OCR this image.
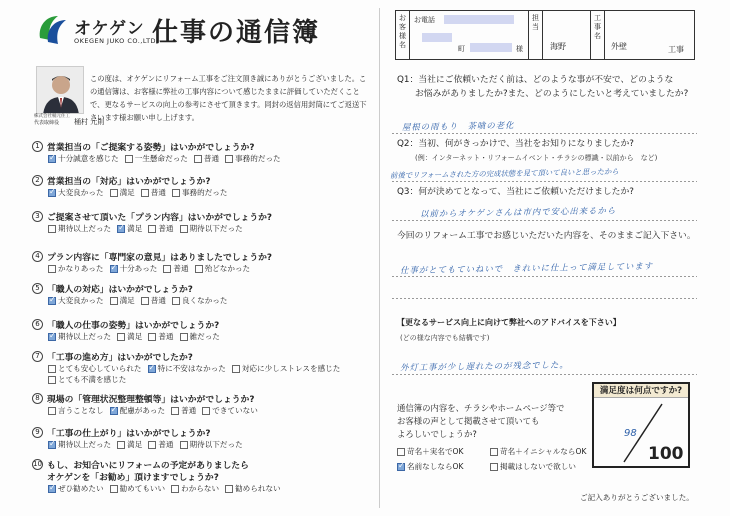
オケゲン
OKEGEN JUKO CO.,LTD.
仕事の通信簿
株式会社桶元住工
代表取締役 桶村 元則
この度は、オケゲンにリフォーム工事をご注文頂き誠にありがとうございました。この通信簿は、お客様に弊社の工事内容について感じたままに評価していただくことで、更なるサービスの向上の参考にさせて頂きます。同封の返信用封筒にてご返送下さいます様お願い申し上げます。
1 営業担当の「ご提案する姿勢」はいかがでしょうか?
✓
十分誠意を感じた 一生懸命だった 普通 事務的だった
2 営業担当の「対応」はいかがでしょうか?
✓
大変良かった 満足 普通 事務的だった
3 ご提案させて頂いた「プラン内容」はいかがでしょうか?
期待以上だった ✓ 満足 普通 期待以下だった
4 プラン内容に「専門家の意見」はありましたでしょうか?
かなりあった ✓ 十分あった 普通 殆どなかった
5 「職人の対応」はいかがでしょうか?
✓
大変良かった 満足 普通 良くなかった
6 「職人の仕事の姿勢」はいかがでしょうか?
✓
期待以上だった 満足 普通 雑だった
7 「工事の進め方」はいかがでしたか?
とても安心していられた ✓ 特に不安はなかった 対応に少しストレスを感じた
とても不満を感じた
8 現場の「管理状況整理整頓等」はいかがでしょうか?
言うことなし ✓ 配慮があった 普通 できていない
9 「工事の仕上がり」はいかがでしょうか?
✓
期待以上だった 満足 普通 期待以下だった
10 もし、お知合いにリフォームの予定がありましたら
オケゲンを「お勧め」頂けますでしょうか?
✓
ぜひ勧めたい 勧めてもいい わからない 勧められない
お客様名
お電話
町	様
担当
海野
工事名
外壁	工事
Q1：当社にご依頼いただく前は、どのような事が不安で、どのような
お悩みがありましたか?また、どのようにしたいと考えていましたか?
屋根の雨もり　茶嗿の老化
Q2：当初、何がきっかけで、当社をお知りになりましたか?
(例：インターネット・リフォームイベント・チラシの標識・以前から　など)
前後でリフォームされた方の完成状態を見て頂いて良いと思ったから
Q3：何が決めてとなって、当社にご依頼いただけましたか?
以前からオケゲンさんは市内で安心出来るから
今回のリフォーム工事でお感じいただいた内容を、そのままご記入下さい。
仕事がとてもていねいで　きれいに仕上って満足しています
【更なるサービス向上に向けて弊社へのアドバイスを下さい】
(どの様な内容でも結構です)
外灯工事が少し遅れたのが残念でした。
通信簿の内容を、チラシやホームページ等で
お客様の声として掲載させて頂いても
よろしいでしょうか?
苛名＋実名でOK	苛名＋イニシャルならOK
✓
名前なしならOK	掲載はしないで欲しい
満足度は何点ですか?
98
100
ご記入ありがとうございました。
